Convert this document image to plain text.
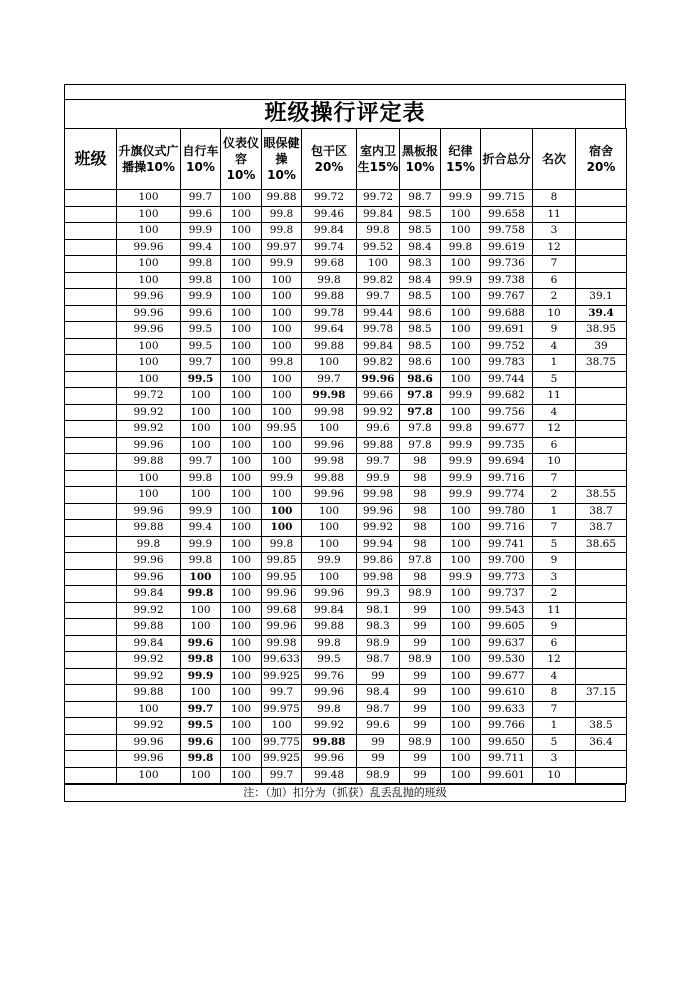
班级操行评定表
班级	升旗仪式广播操10%	自行车10%	仪表仪容10%	眼保健操10%	包干区20%	室内卫生15%	黑板报10%	纪律15%	折合总分	名次	宿舍20%
	100	99.7	100	99.88	99.72	99.72	98.7	99.9	99.715	8	
	100	99.6	100	99.8	99.46	99.84	98.5	100	99.658	11	
	100	99.9	100	99.8	99.84	99.8	98.5	100	99.758	3	
	99.96	99.4	100	99.97	99.74	99.52	98.4	99.8	99.619	12	
	100	99.8	100	99.9	99.68	100	98.3	100	99.736	7	
	100	99.8	100	100	99.8	99.82	98.4	99.9	99.738	6	
	99.96	99.9	100	100	99.88	99.7	98.5	100	99.767	2	39.1
	99.96	99.6	100	100	99.78	99.44	98.6	100	99.688	10	39.4
	99.96	99.5	100	100	99.64	99.78	98.5	100	99.691	9	38.95
	100	99.5	100	100	99.88	99.84	98.5	100	99.752	4	39
	100	99.7	100	99.8	100	99.82	98.6	100	99.783	1	38.75
	100	99.5	100	100	99.7	99.96	98.6	100	99.744	5	
	99.72	100	100	100	99.98	99.66	97.8	99.9	99.682	11	
	99.92	100	100	100	99.98	99.92	97.8	100	99.756	4	
	99.92	100	100	99.95	100	99.6	97.8	99.8	99.677	12	
	99.96	100	100	100	99.96	99.88	97.8	99.9	99.735	6	
	99.88	99.7	100	100	99.98	99.7	98	99.9	99.694	10	
	100	99.8	100	99.9	99.88	99.9	98	99.9	99.716	7	
	100	100	100	100	99.96	99.98	98	99.9	99.774	2	38.55
	99.96	99.9	100	100	100	99.96	98	100	99.780	1	38.7
	99.88	99.4	100	100	100	99.92	98	100	99.716	7	38.7
	99.8	99.9	100	99.8	100	99.94	98	100	99.741	5	38.65
	99.96	99.8	100	99.85	99.9	99.86	97.8	100	99.700	9	
	99.96	100	100	99.95	100	99.98	98	99.9	99.773	3	
	99.84	99.8	100	99.96	99.96	99.3	98.9	100	99.737	2	
	99.92	100	100	99.68	99.84	98.1	99	100	99.543	11	
	99.88	100	100	99.96	99.88	98.3	99	100	99.605	9	
	99.84	99.6	100	99.98	99.8	98.9	99	100	99.637	6	
	99.92	99.8	100	99.633	99.5	98.7	98.9	100	99.530	12	
	99.92	99.9	100	99.925	99.76	99	99	100	99.677	4	
	99.88	100	100	99.7	99.96	98.4	99	100	99.610	8	37.15
	100	99.7	100	99.975	99.8	98.7	99	100	99.633	7	
	99.92	99.5	100	100	99.92	99.6	99	100	99.766	1	38.5
	99.96	99.6	100	99.775	99.88	99	98.9	100	99.650	5	36.4
	99.96	99.8	100	99.925	99.96	99	99	100	99.711	3	
	100	100	100	99.7	99.48	98.9	99	100	99.601	10	
注：（加）扣分为（抓获）乱丢乱抛的班级
